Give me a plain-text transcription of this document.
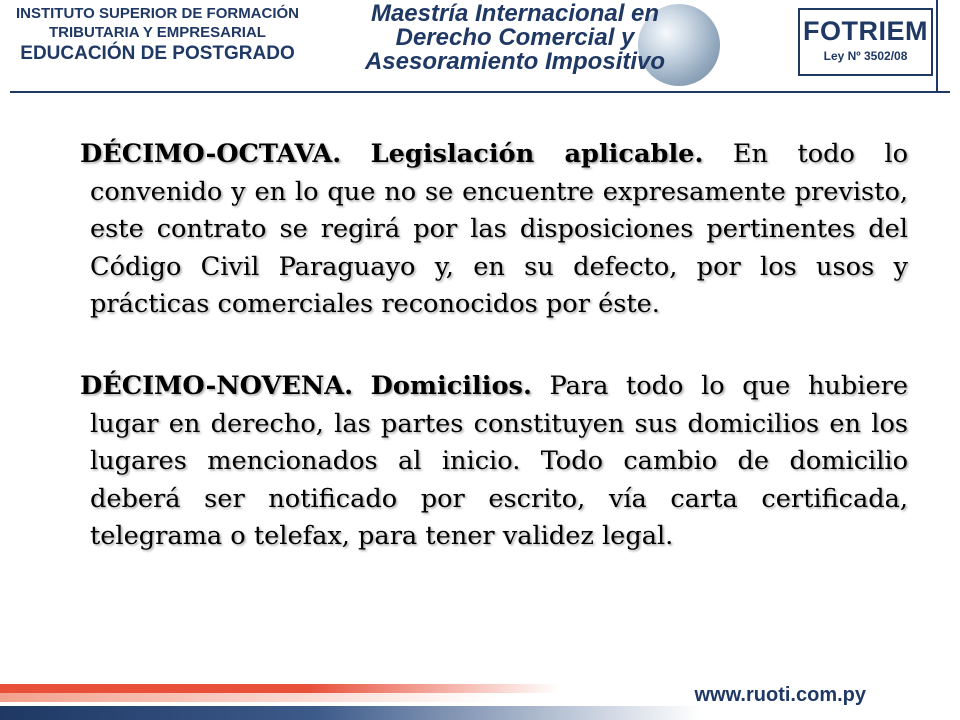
INSTITUTO SUPERIOR DE FORMACIÓN
TRIBUTARIA Y EMPRESARIAL
EDUCACIÓN DE POSTGRADO
Maestría Internacional en
Derecho Comercial y
Asesoramiento Impositivo
FOTRIEM
Ley Nº 3502/08

DÉCIMO-OCTAVA. Legislación aplicable. En todo lo convenido y en lo que no se encuentre expresamente previsto, este contrato se regirá por las disposiciones pertinentes del Código Civil Paraguayo y, en su defecto, por los usos y prácticas comerciales reconocidos por éste.

DÉCIMO-NOVENA. Domicilios. Para todo lo que hubiere lugar en derecho, las partes constituyen sus domicilios en los lugares mencionados al inicio. Todo cambio de domicilio deberá ser notificado por escrito, vía carta certificada, telegrama o telefax, para tener validez legal.

www.ruoti.com.py
